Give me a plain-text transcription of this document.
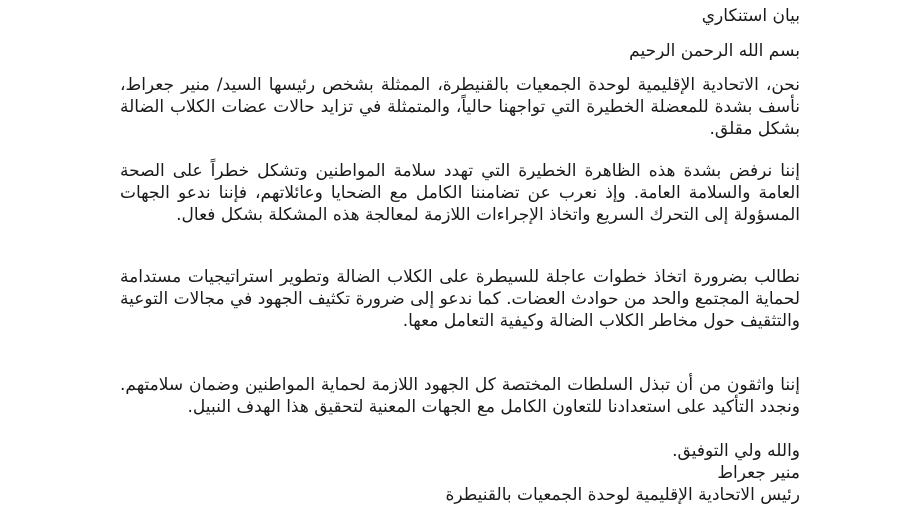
بيان استنكاري

بسم الله الرحمن الرحيم

نحن، الاتحادية الإقليمية لوحدة الجمعيات بالقنيطرة، الممثلة بشخص رئيسها السيد/ منير جعراط، نأسف بشدة للمعضلة الخطيرة التي تواجهنا حالياً، والمتمثلة في تزايد حالات عضات الكلاب الضالة بشكل مقلق.

إننا نرفض بشدة هذه الظاهرة الخطيرة التي تهدد سلامة المواطنين وتشكل خطراً على الصحة العامة والسلامة العامة. وإذ نعرب عن تضامننا الكامل مع الضحايا وعائلاتهم، فإننا ندعو الجهات المسؤولة إلى التحرك السريع واتخاذ الإجراءات اللازمة لمعالجة هذه المشكلة بشكل فعال.

نطالب بضرورة اتخاذ خطوات عاجلة للسيطرة على الكلاب الضالة وتطوير استراتيجيات مستدامة لحماية المجتمع والحد من حوادث العضات. كما ندعو إلى ضرورة تكثيف الجهود في مجالات التوعية والتثقيف حول مخاطر الكلاب الضالة وكيفية التعامل معها.

إننا واثقون من أن تبذل السلطات المختصة كل الجهود اللازمة لحماية المواطنين وضمان سلامتهم. ونجدد التأكيد على استعدادنا للتعاون الكامل مع الجهات المعنية لتحقيق هذا الهدف النبيل.

والله ولي التوفيق.

منير جعراط

رئيس الاتحادية الإقليمية لوحدة الجمعيات بالقنيطرة
